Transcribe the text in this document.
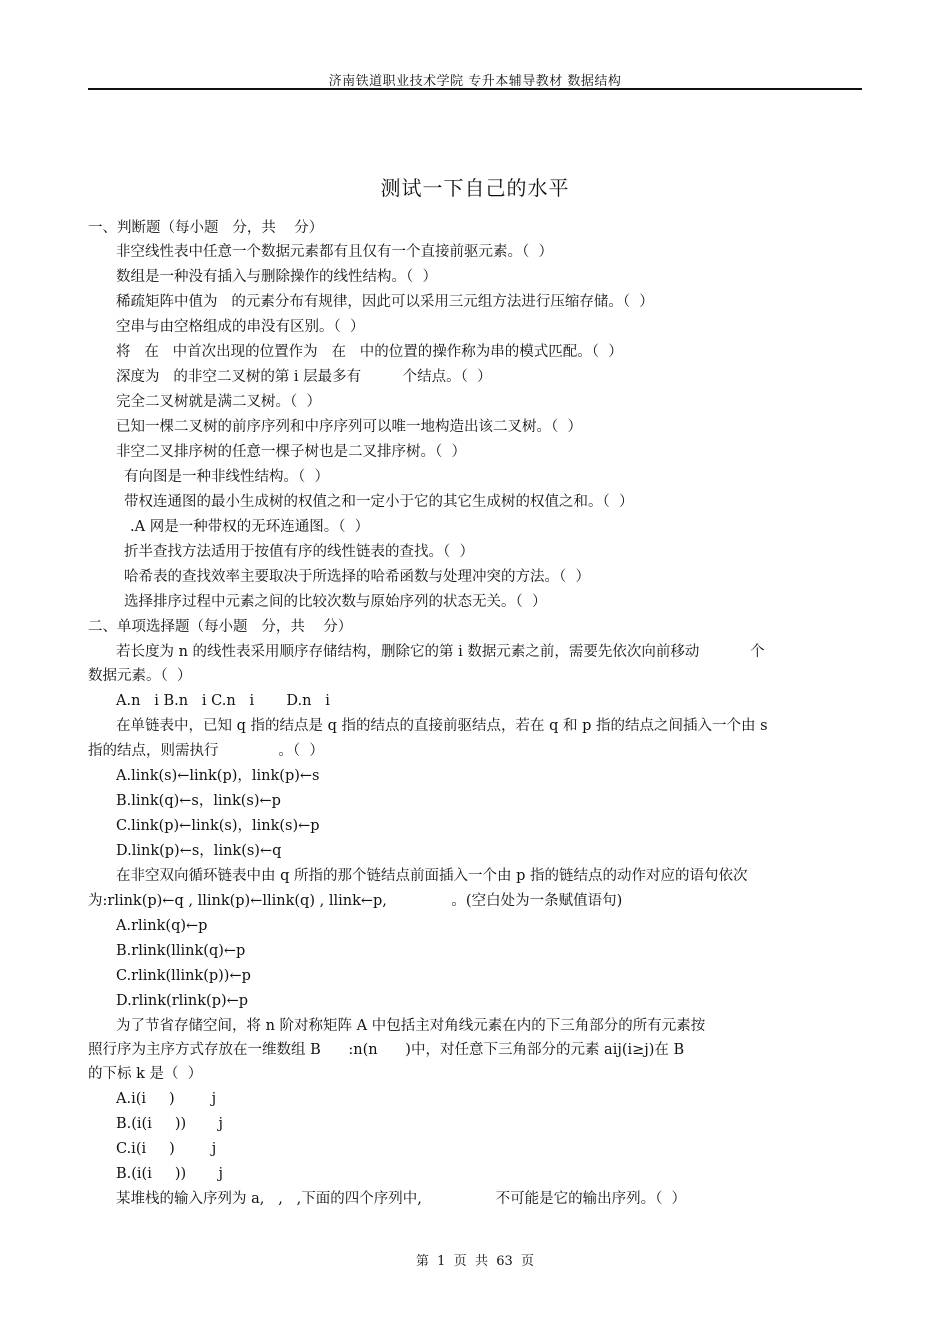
济南铁道职业技术学院 专升本辅导教材 数据结构
测试一下自己的水平
一、判断题（每小题   分，共    分）
非空线性表中任意一个数据元素都有且仅有一个直接前驱元素。（  ）
数组是一种没有插入与删除操作的线性结构。（  ）
稀疏矩阵中值为   的元素分布有规律，因此可以采用三元组方法进行压缩存储。（  ）
空串与由空格组成的串没有区别。（  ）
将   在   中首次出现的位置作为   在   中的位置的操作称为串的模式匹配。（  ）
深度为   的非空二叉树的第 i 层最多有         个结点。（  ）
完全二叉树就是满二叉树。（  ）
已知一棵二叉树的前序序列和中序序列可以唯一地构造出该二叉树。（  ）
非空二叉排序树的任意一棵子树也是二叉排序树。（  ）
有向图是一种非线性结构。（  ）
带权连通图的最小生成树的权值之和一定小于它的其它生成树的权值之和。（  ）
.A 网是一种带权的无环连通图。（  ）
折半查找方法适用于按值有序的线性链表的查找。（  ）
哈希表的查找效率主要取决于所选择的哈希函数与处理冲突的方法。（  ）
选择排序过程中元素之间的比较次数与原始序列的状态无关。（  ）
二、单项选择题（每小题   分，共    分）
若长度为 n 的线性表采用顺序存储结构，删除它的第 i 数据元素之前，需要先依次向前移动           个
数据元素。（  ）
A.n   i B.n   i C.n   i       D.n   i
在单链表中，已知 q 指的结点是 q 指的结点的直接前驱结点，若在 q 和 p 指的结点之间插入一个由 s
指的结点，则需执行             。（  ）
A.link(s)←link(p)，link(p)←s
B.link(q)←s，link(s)←p
C.link(p)←link(s)，link(s)←p
D.link(p)←s，link(s)←q
在非空双向循环链表中由 q 所指的那个链结点前面插入一个由 p 指的链结点的动作对应的语句依次
为:rlink(p)←q , llink(p)←llink(q) , llink←p,              。(空白处为一条赋值语句)
A.rlink(q)←p
B.rlink(llink(q)←p
C.rlink(llink(p))←p
D.rlink(rlink(p)←p
为了节省存储空间，将 n 阶对称矩阵 A 中包括主对角线元素在内的下三角部分的所有元素按
照行序为主序方式存放在一维数组 B      :n(n      )中，对任意下三角部分的元素 aij(i≥j)在 B
的下标 k 是（  ）
A.i(i     )        j
B.(i(i     ))       j
C.i(i     )        j
B.(i(i     ))       j
某堆栈的输入序列为 a,   ,   ,下面的四个序列中,                不可能是它的输出序列。（  ）
第  1  页  共  63  页
